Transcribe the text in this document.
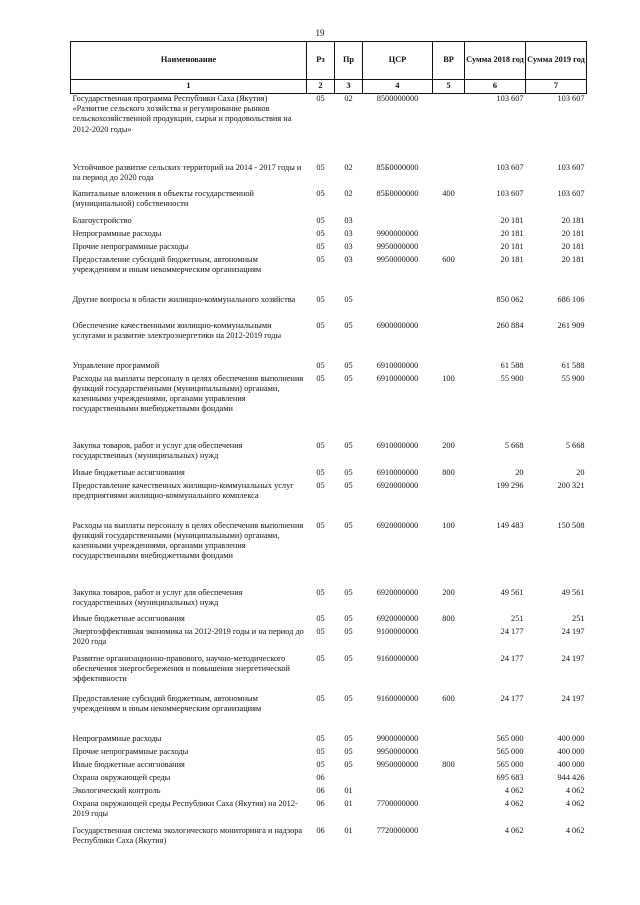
19
Наименование	Рз	Пр	ЦСР	ВР	Сумма 2018 год	Сумма 2019 год
1	2	3	4	5	6	7
Государственная программа Республики Саха (Якутия) «Развитие сельского хозяйства и регулирование рынков сельскохозяйственной продукции, сырья и продовольствия на 2012-2020 годы»	05	02	8500000000		103 607	103 607
Устойчивое развитие сельских территорий на 2014 - 2017 годы и на период до 2020 года	05	02	85Б0000000		103 607	103 607
Капитальные вложения в объекты государственной (муниципальной) собственности	05	02	85Б0000000	400	103 607	103 607
Благоустройство	05	03			20 181	20 181
Непрограммные расходы	05	03	9900000000		20 181	20 181
Прочие непрограммные расходы	05	03	9950000000		20 181	20 181
Предоставление субсидий бюджетным, автономным учреждениям и иным некоммерческим организациям	05	03	9950000000	600	20 181	20 181
Другие вопросы в области жилищно-коммунального хозяйства	05	05			850 062	686 106
Обеспечение качественными жилищно-коммунальными услугами и развитие электроэнергетики на 2012-2019 годы	05	05	6900000000		260 884	261 909
Управление программой	05	05	6910000000		61 588	61 588
Расходы на выплаты персоналу в целях обеспечения выполнения функций государственными (муниципальными) органами, казенными учреждениями, органами управления государственными внебюджетными фондами	05	05	6910000000	100	55 900	55 900
Закупка товаров, работ и услуг для обеспечения государственных (муниципальных) нужд	05	05	6910000000	200	5 668	5 668
Иные бюджетные ассигнования	05	05	6910000000	800	20	20
Предоставление качественных жилищно-коммунальных услуг предприятиями жилищно-коммунального комплекса	05	05	6920000000		199 296	200 321
Расходы на выплаты персоналу в целях обеспечения выполнения функций государственными (муниципальными) органами, казенными учреждениями, органами управления государственными внебюджетными фондами	05	05	6920000000	100	149 483	150 508
Закупка товаров, работ и услуг для обеспечения государственных (муниципальных) нужд	05	05	6920000000	200	49 561	49 561
Иные бюджетные ассигнования	05	05	6920000000	800	251	251
Энергоэффективная экономика на 2012-2019 годы и на период до 2020 года	05	05	9100000000		24 177	24 197
Развитие организационно-правового, научно-методического обеспечения энергосбережения и повышения энергетической эффективности	05	05	9160000000		24 177	24 197
Предоставление субсидий бюджетным, автономным учреждениям и иным некоммерческим организациям	05	05	9160000000	600	24 177	24 197
Непрограммные расходы	05	05	9900000000		565 000	400 000
Прочие непрограммные расходы	05	05	9950000000		565 000	400 000
Иные бюджетные ассигнования	05	05	9950000000	800	565 000	400 000
Охрана окружающей среды	06				695 683	944 426
Экологический контроль	06	01			4 062	4 062
Охрана окружающей среды Республики Саха (Якутия) на 2012-2019 годы	06	01	7700000000		4 062	4 062
Государственная система экологического мониторинга и надзора Республики Саха (Якутия)	06	01	7720000000		4 062	4 062
